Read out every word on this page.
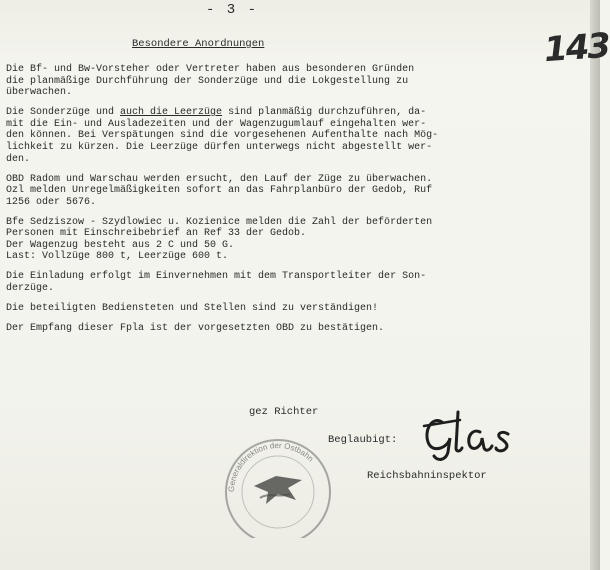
- 3 -
143
Besondere Anordnungen

Die Bf- und Bw-Vorsteher oder Vertreter haben aus besonderen Gründen
die planmäßige Durchführung der Sonderzüge und die Lokgestellung zu
überwachen.

Die Sonderzüge und auch die Leerzüge sind planmäßig durchzuführen, da-
mit die Ein- und Ausladezeiten und der Wagenzugumlauf eingehalten wer-
den können. Bei Verspätungen sind die vorgesehenen Aufenthalte nach Mög-
lichkeit zu kürzen. Die Leerzüge dürfen unterwegs nicht abgestellt wer-
den.

OBD Radom und Warschau werden ersucht, den Lauf der Züge zu überwachen.
Ozl melden Unregelmäßigkeiten sofort an das Fahrplanbüro der Gedob, Ruf
1256 oder 5676.

Bfe Sedziszow - Szydlowiec u. Kozienice melden die Zahl der beförderten
Personen mit Einschreibebrief an Ref 33 der Gedob.
Der Wagenzug besteht aus 2 C und 50 G.
Last: Vollzüge 800 t, Leerzüge 600 t.

Die Einladung erfolgt im Einvernehmen mit dem Transportleiter der Son-
derzüge.

Die beteiligten Bediensteten und Stellen sind zu verständigen!

Der Empfang dieser Fpla ist der vorgesetzten OBD zu bestätigen.

gez Richter
Beglaubigt:
Generaldirektion der Ostbahn
Reichsbahninspektor
